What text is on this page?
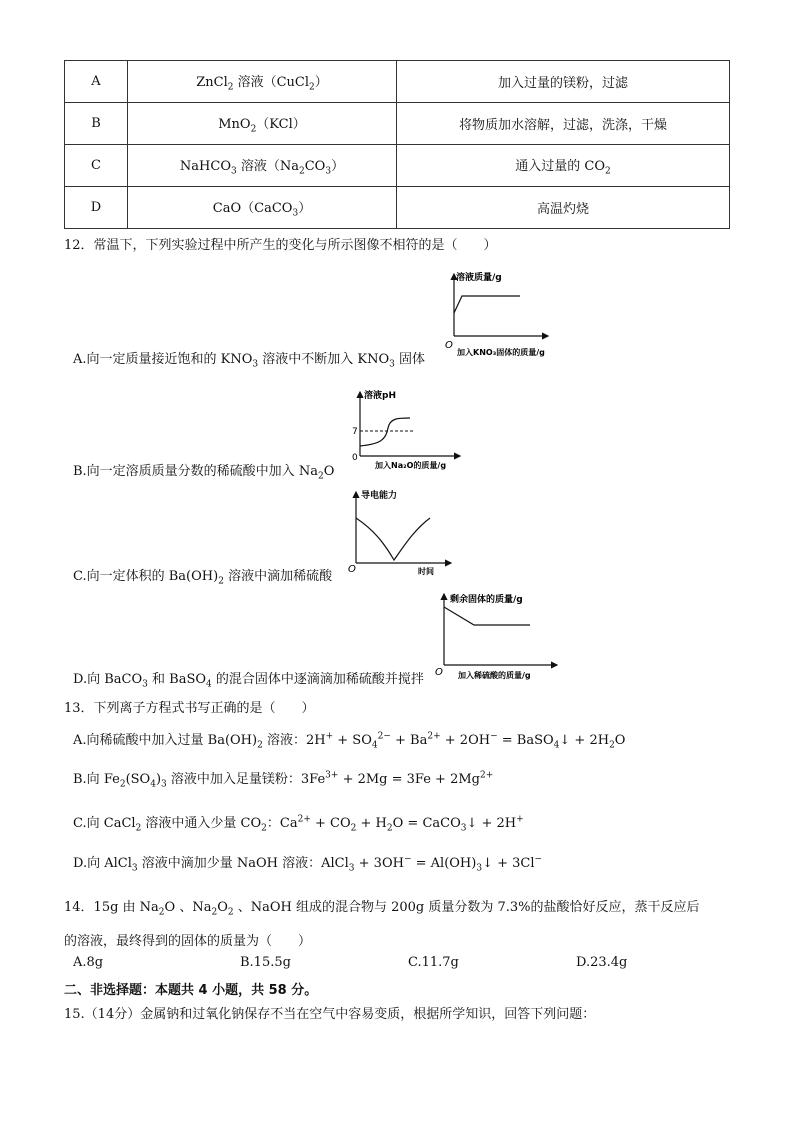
A	ZnCl$_2$ 溶液（CuCl$_2$）	加入过量的镁粉，过滤
B	MnO$_2$（KCl）	将物质加水溶解，过滤，洗涤，干燥
C	NaHCO$_3$ 溶液$(Na_2CO_3)$	通入过量的 $CO_2$
D	CaO（CaCO$_3$）	高温灼烧
12．常温下，下列实验过程中所产生的变化与所示图像不相符的是（　　）
溶液质量/g
O
加入KNO₃固体的质量/g
A.向一定质量接近饱和的 $KNO_3$ 溶液中不断加入 $KNO_3$ 固体
溶液pH
7
0
加入Na₂O的质量/g
B.向一定溶质质量分数的稀硫酸中加入 $Na_2O$
导电能力
O	时间
C.向一定体积的 $Ba(OH)_2$ 溶液中滴加稀硫酸
剩余固体的质量/g
O 加入稀硫酸的质量/g
D.向 BaCO$_3$ 和 BaSO$_4$ 的混合固体中逐滴滴加稀硫酸并搅拌
13．下列离子方程式书写正确的是（　　）
A.向稀硫酸中加入过量 $Ba(OH)_2$ 溶液：$2H^+ + SO_4^{2-} + Ba^{2+} + 2OH^-$ = BaSO$_4$↓ + $2H_2O$
B.向 $Fe_2(SO_4)_3$ 溶液中加入足量镁粉：$3Fe^{3+} + 2Mg = 3Fe + 2Mg^{2+}$
C.向 CaCl$_2$ 溶液中通入少量 $CO_2$：$Ca^{2+} + CO_2 + H_2O$ = CaCO$_3$↓ + 2H+
D.向 AlCl$_3$ 溶液中滴加少量 NaOH 溶液：AlCl$_3$ + $3OH^- = Al(OH)_3↓ + 3Cl^-$
14．15g 由 $Na_2O$ 、$Na_2O_2$ 、NaOH 组成的混合物与 200g 质量分数为 7.3%的盐酸恰好反应，蒸干反应后
的溶液，最终得到的固体的质量为（　　）
A.8g	B.15.5g	C.11.7g	D.23.4g
二、非选择题：本题共 4 小题，共 58 分。
15.（14分）金属钠和过氧化钠保存不当在空气中容易变质，根据所学知识，回答下列问题：
